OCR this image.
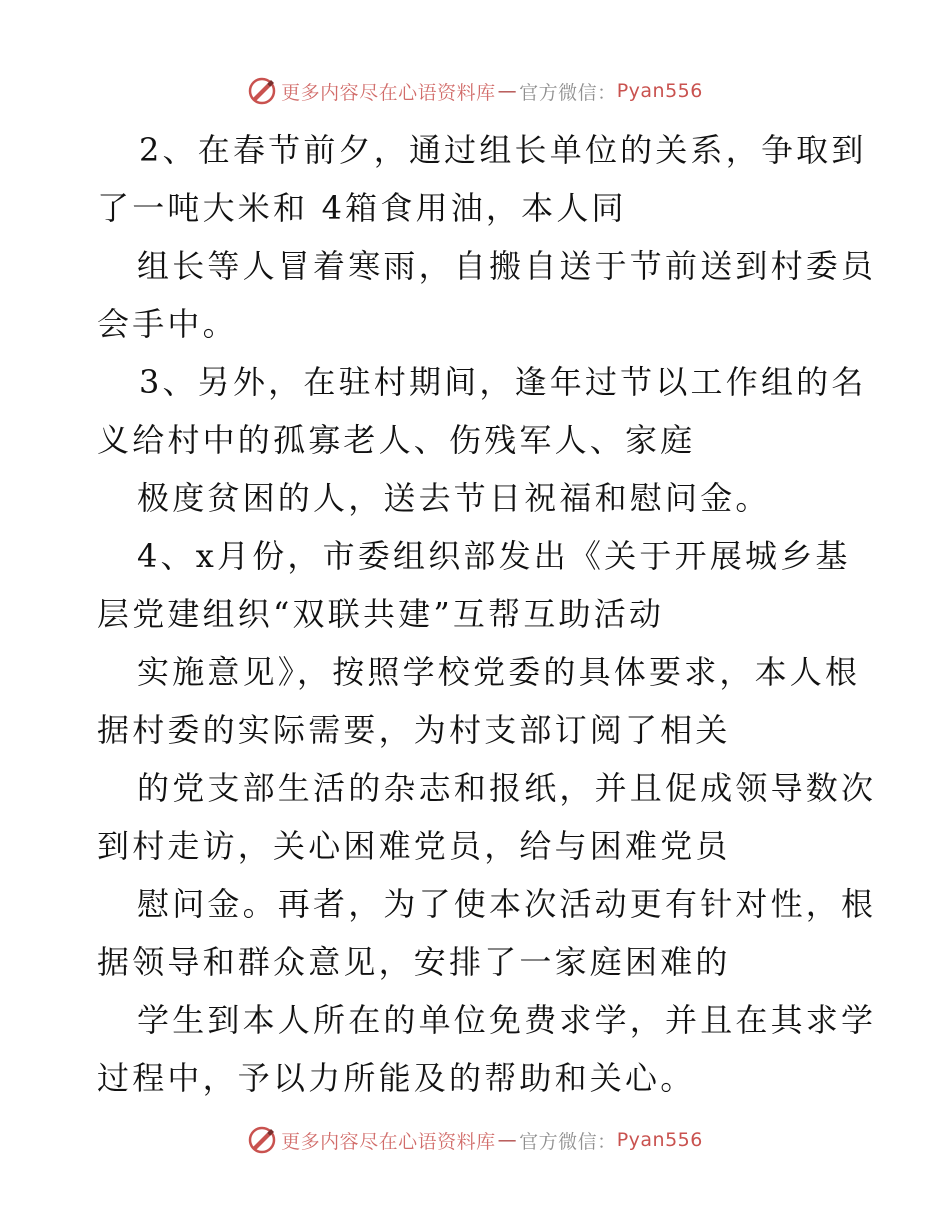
更多内容尽在心语资料库 — 官方微信： Pyan556
2、在春节前夕，通过组长单位的关系，争取到
了一吨大米和 4箱食用油，本人同
组长等人冒着寒雨，自搬自送于节前送到村委员
会手中。
3、另外，在驻村期间，逢年过节以工作组的名
义给村中的孤寡老人、伤残军人、家庭
极度贫困的人，送去节日祝福和慰问金。
4、x月份，市委组织部发出《关于开展城乡基
层党建组织“双联共建”互帮互助活动
实施意见》，按照学校党委的具体要求，本人根
据村委的实际需要，为村支部订阅了相关
的党支部生活的杂志和报纸，并且促成领导数次
到村走访，关心困难党员，给与困难党员
慰问金。再者，为了使本次活动更有针对性，根
据领导和群众意见，安排了一家庭困难的
学生到本人所在的单位免费求学，并且在其求学
过程中，予以力所能及的帮助和关心。
更多内容尽在心语资料库 — 官方微信： Pyan556
